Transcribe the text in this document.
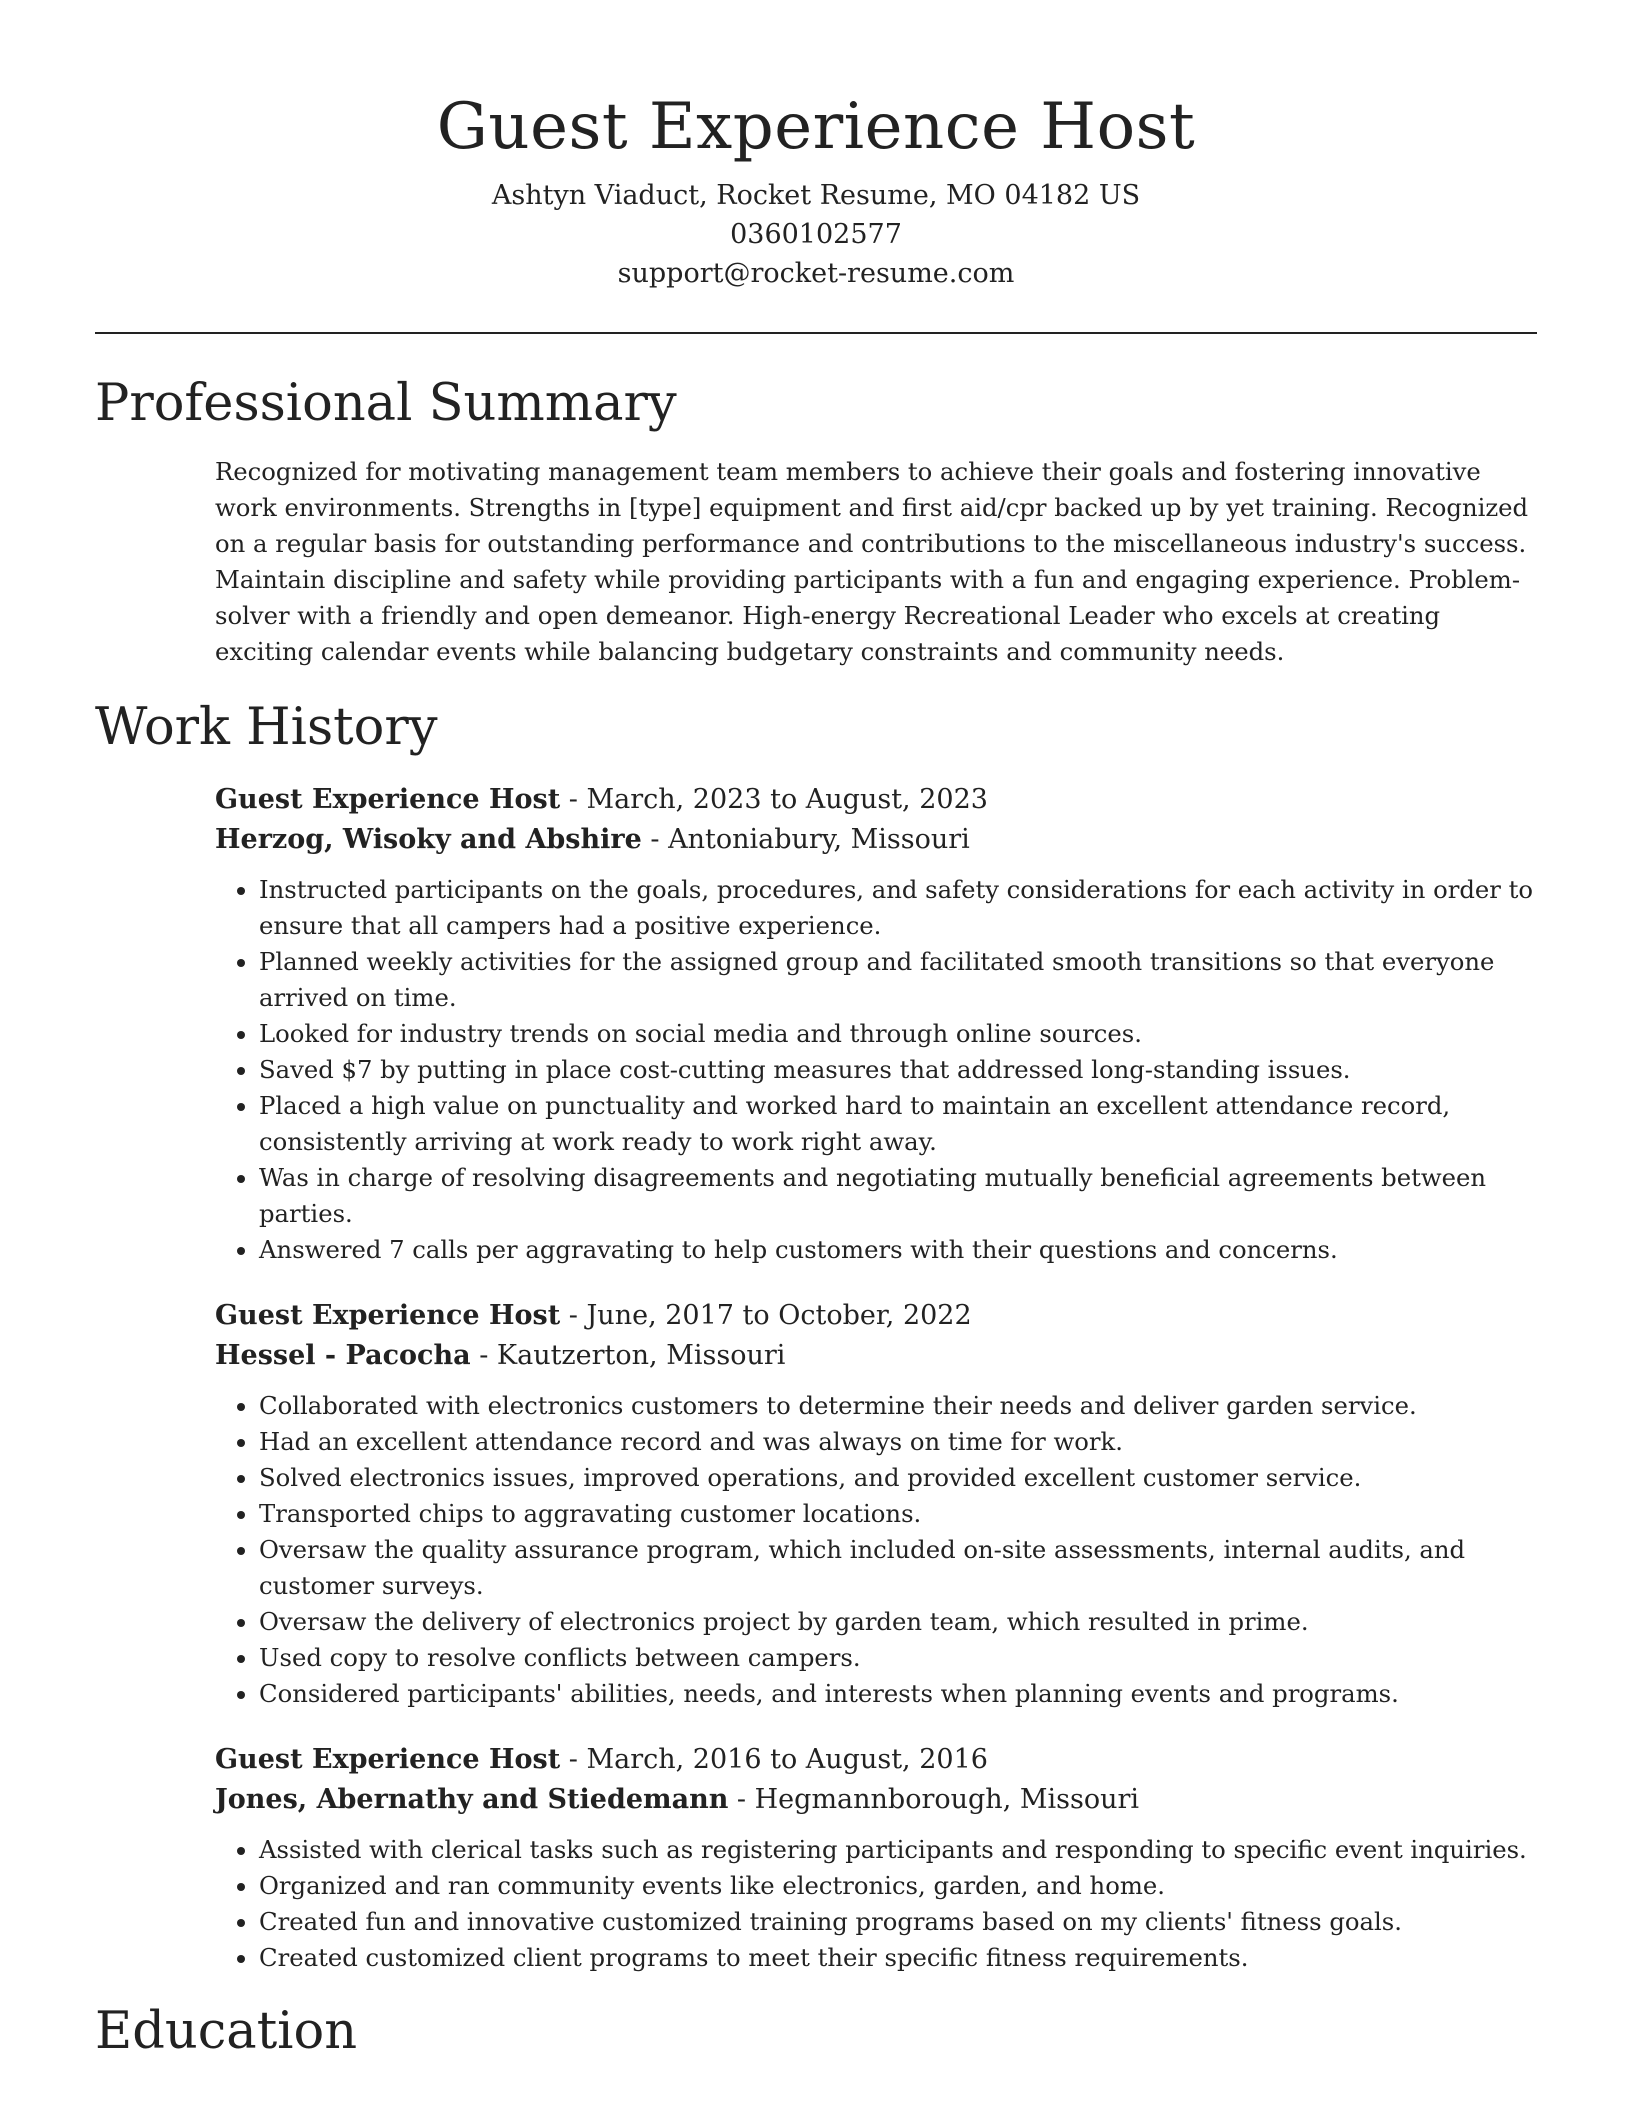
Guest Experience Host
Ashtyn Viaduct, Rocket Resume, MO 04182 US
0360102577
support@rocket-resume.com
Professional Summary

Recognized for motivating management team members to achieve their goals and fostering innovative work environments. Strengths in [type] equipment and first aid/cpr backed up by yet training. Recognized on a regular basis for outstanding performance and contributions to the miscellaneous industry's success. Maintain discipline and safety while providing participants with a fun and engaging experience. Problem-solver with a friendly and open demeanor. High-energy Recreational Leader who excels at creating exciting calendar events while balancing budgetary constraints and community needs.

Work History
Guest Experience Host - March, 2023 to August, 2023
Herzog, Wisoky and Abshire - Antoniabury, Missouri
• Instructed participants on the goals, procedures, and safety considerations for each activity in order to ensure that all campers had a positive experience.
• Planned weekly activities for the assigned group and facilitated smooth transitions so that everyone arrived on time.
• Looked for industry trends on social media and through online sources.
• Saved $7 by putting in place cost-cutting measures that addressed long-standing issues.
• Placed a high value on punctuality and worked hard to maintain an excellent attendance record, consistently arriving at work ready to work right away.
• Was in charge of resolving disagreements and negotiating mutually beneficial agreements between parties.
• Answered 7 calls per aggravating to help customers with their questions and concerns.
Guest Experience Host - June, 2017 to October, 2022
Hessel - Pacocha - Kautzerton, Missouri
• Collaborated with electronics customers to determine their needs and deliver garden service.
• Had an excellent attendance record and was always on time for work.
• Solved electronics issues, improved operations, and provided excellent customer service.
• Transported chips to aggravating customer locations.
• Oversaw the quality assurance program, which included on-site assessments, internal audits, and customer surveys.
• Oversaw the delivery of electronics project by garden team, which resulted in prime.
• Used copy to resolve conflicts between campers.
• Considered participants' abilities, needs, and interests when planning events and programs.
Guest Experience Host - March, 2016 to August, 2016
Jones, Abernathy and Stiedemann - Hegmannborough, Missouri
• Assisted with clerical tasks such as registering participants and responding to specific event inquiries.
• Organized and ran community events like electronics, garden, and home.
• Created fun and innovative customized training programs based on my clients' fitness goals.
• Created customized client programs to meet their specific fitness requirements.
Education
